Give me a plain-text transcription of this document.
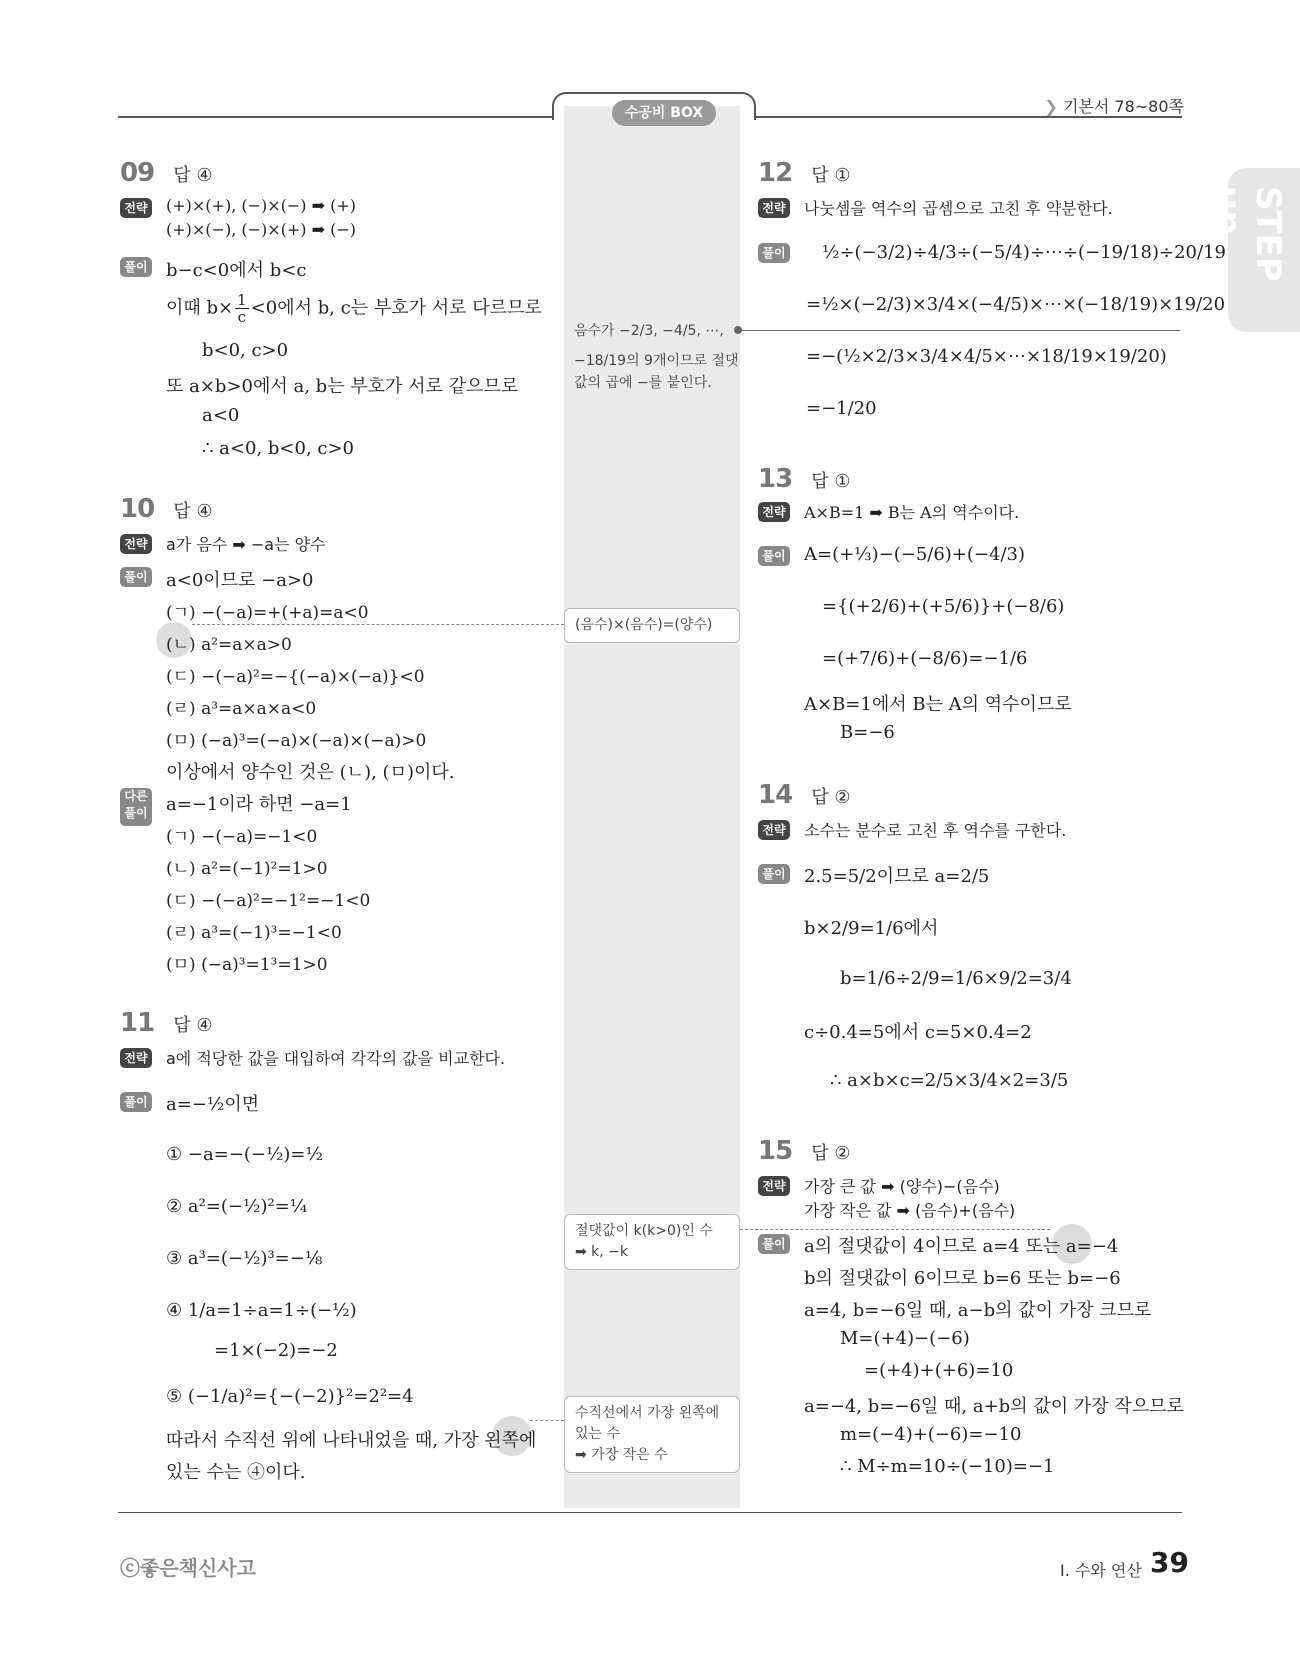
수공비 BOX	❯ 기본서 78~80쪽
STEP up
09 답 ④
전략 (+)×(+), (−)×(−) ➡ (+)
(+)×(−), (−)×(+) ➡ (−)
풀이 b−c<0에서 b<c
이때 $b\times \frac{1}{c} <0$에서 b, c는 부호가 서로 다르므로
b<0, c>0
또 a×b>0에서 a, b는 부호가 서로 같으므로
a<0
∴ a<0, b<0, c>0
10 답 ④
전략 a가 음수 ➡ −a는 양수
풀이 a<0이므로 −a>0
(ㄱ) −(−a)=+(+a)=a<0
(ㄴ) a²=a×a>0
(ㄷ) −(−a)²=−{(−a)×(−a)}<0
(ㄹ) a³=a×a×a<0
(ㅁ) (−a)³=(−a)×(−a)×(−a)>0
이상에서 양수인 것은 (ㄴ), (ㅁ)이다.
다른 풀이 a=−1이라 하면 −a=1
(ㄱ) −(−a)=−1<0
(ㄴ) a²=(−1)²=1>0
(ㄷ) −(−a)²=−1²=−1<0
(ㄹ) a³=(−1)³=−1<0
(ㅁ) (−a)³=1³=1>0
11 답 ④
전략 a에 적당한 값을 대입하여 각각의 값을 비교한다.
풀이 a=−½이면
① −a=−(−½)=½
② a²=(−½)²=¼
③ a³=(−½)³=−⅛
④ 1/a=1÷a=1÷(−½)
=1×(−2)=−2
⑤ (−1/a)²={−(−2)}²=2²=4
따라서 수직선 위에 나타내었을 때, 가장 왼쪽에
있는 수는 ④이다.
음수가 −2/3, −4/5, ⋯,
−18/19의 9개이므로 절댓
값의 곱에 −를 붙인다.
(음수)×(음수)=(양수)
절댓값이 k(k>0)인 수
➡ k, −k
수직선에서 가장 왼쪽에
있는 수
➡ 가장 작은 수
12 답 ①
전략 나눗셈을 역수의 곱셈으로 고친 후 약분한다.
풀이 ½÷(−3/2)÷4/3÷(−5/4)÷⋯÷(−19/18)÷20/19
=½×(−2/3)×3/4×(−4/5)×⋯×(−18/19)×19/20
=−(½×2/3×3/4×4/5×⋯×18/19×19/20)
=−1/20
13 답 ①
전략 A×B=1 ➡ B는 A의 역수이다.
풀이 A=(+⅓)−(−5/6)+(−4/3)
={(+2/6)+(+5/6)}+(−8/6)
=(+7/6)+(−8/6)=−1/6
A×B=1에서 B는 A의 역수이므로
B=−6
14 답 ②
전략 소수는 분수로 고친 후 역수를 구한다.
풀이 2.5=5/2이므로 a=2/5
b×2/9=1/6에서
b=1/6÷2/9=1/6×9/2=3/4
c÷0.4=5에서 c=5×0.4=2
∴ a×b×c=2/5×3/4×2=3/5
15 답 ②
전략 가장 큰 값 ➡ (양수)−(음수)
가장 작은 값 ➡ (음수)+(음수)
풀이 a의 절댓값이 4이므로 a=4 또는 a=−4
b의 절댓값이 6이므로 b=6 또는 b=−6
a=4, b=−6일 때, a−b의 값이 가장 크므로
M=(+4)−(−6)
=(+4)+(+6)=10
a=−4, b=−6일 때, a+b의 값이 가장 작으므로
m=(−4)+(−6)=−10
∴ M÷m=10÷(−10)=−1
ⓒ좋은책신사고	Ⅰ. 수와 연산 39
